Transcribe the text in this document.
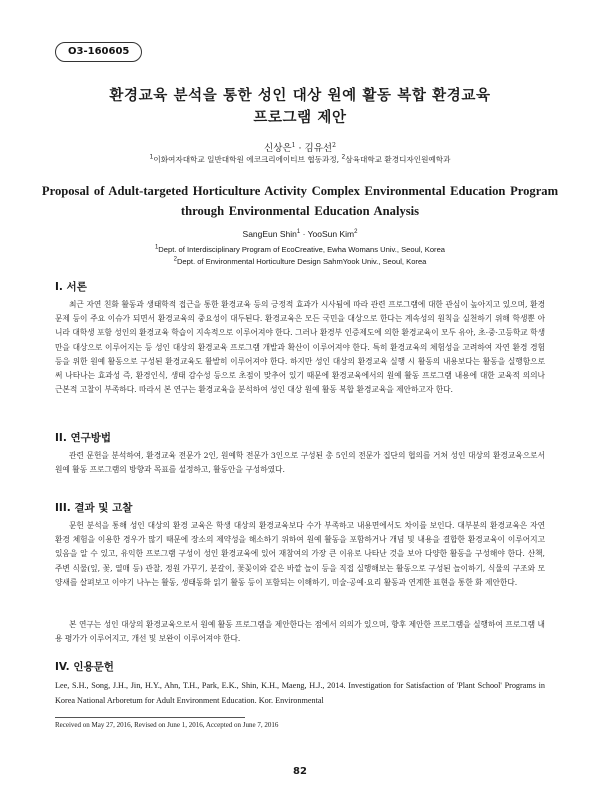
O3-160605
환경교육 분석을 통한 성인 대상 원예 활동 복합 환경교육
프로그램 제안
신상은$^1$ · 김유선$^2$
$^1$이화여자대학교 일반대학원 에코크리에이티브 협동과정, $^2$삼육대학교 환경디자인원예학과
Proposal of Adult-targeted Horticulture Activity Complex Environmental Education Program
through Environmental Education Analysis
SangEun Shin$^1$ · YooSun Kim$^2$
$^1$Dept. of Interdisciplinary Program of EcoCreative, Ewha Womans Univ., Seoul, Korea
$^2$Dept. of Environmental Horticulture Design SahmYook Univ., Seoul, Korea
I. 서론

최근 자연 친화 활동과 생태학적 접근을 통한 환경교육 등의 긍정적 효과가 시사됨에 따라 관련 프로그램에 대한 관심이 높아지고 있으며, 환경문제 등이 주요 이슈가 되면서 환경교육의 중요성이 대두된다. 환경교육은 모든 국민을 대상으로 한다는 계속성의 원칙을 실천하기 위해 학생뿐 아니라 대학생 포함 성인의 환경교육 학습이 지속적으로 이루어져야 한다. 그러나 환경부 인증제도에 의한 환경교육이 모두 유아, 초·중·고등학교 학생만을 대상으로 이루어지는 등 성인 대상의 환경교육 프로그램 개발과 확산이 이루어져야 한다. 특히 환경교육의 체험성을 고려하여 자연 환경 경험 등을 위한 원예 활동으로 구성된 환경교육도 활발히 이루어져야 한다. 하지만 성인 대상의 환경교육 실행 시 활동의 내용보다는 활동을 실행함으로써 나타나는 효과성 즉, 환경인식, 생태 감수성 등으로 초점이 맞추어 있기 때문에 환경교육에서의 원예 활동 프로그램 내용에 대한 교육적 의의나 근본적 고찰이 부족하다. 따라서 본 연구는 환경교육을 분석하여 성인 대상 원예 활동 복합 환경교육을 제안하고자 한다.

II. 연구방법

관련 문헌을 분석하여, 환경교육 전문가 2인, 원예학 전문가 3인으로 구성된 총 5인의 전문가 집단의 협의를 거쳐 성인 대상의 환경교육으로서 원예 활동 프로그램의 방향과 목표를 설정하고, 활동안을 구성하였다.

III. 결과 및 고찰

문헌 분석을 통해 성인 대상의 환경 교육은 학생 대상의 환경교육보다 수가 부족하고 내용면에서도 차이를 보인다. 대부분의 환경교육은 자연 환경 체험을 이용한 경우가 많기 때문에 장소의 제약성을 해소하기 위하여 원예 활동을 포함하거나 개념 및 내용을 결합한 환경교육이 이루어지고 있음을 알 수 있고, 유익한 프로그램 구성이 성인 환경교육에 있어 재참여의 가장 큰 이유로 나타난 것을 보아 다양한 활동을 구성해야 한다. 산책, 주변 식물(잎, 꽃, 열매 등) 관찰, 정원 가꾸기, 분갈이, 꽃꽂이와 같은 바깥 놀이 등을 직접 실행해보는 활동으로 구성된 놀이하기, 식물의 구조와 모양새를 살펴보고 이야기 나누는 활동, 생태동화 읽기 활동 등이 포함되는 이해하기, 미술·공예·요리 활동과 연계한 표현을 통한 화 제안한다.

본 연구는 성인 대상의 환경교육으로서 원예 활동 프로그램을 제안한다는 점에서 의의가 있으며, 향후 제안한 프로그램을 실행하여 프로그램 내용 평가가 이루어지고, 개선 및 보완이 이루어져야 한다.

IV. 인용문헌

Lee, S.H., Song, J.H., Jin, H.Y., Ahn, T.H., Park, E.K., Shin, K.H., Maeng, H.J., 2014. Investigation for Satisfaction of 'Plant School' Programs in Korea National Arboretum for Adult Environment Education. Kor. Environmental

Received on May 27, 2016, Revised on June 1, 2016, Accepted on June 7, 2016
82
